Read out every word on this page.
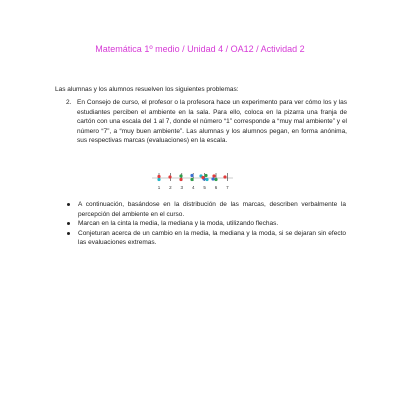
Matemática 1º medio / Unidad 4 / OA12 / Actividad 2
Las alumnas y los alumnos resuelven los siguientes problemas:
2. En Consejo de curso, el profesor o la profesora hace un experimento para ver cómo los y las estudiantes perciben el ambiente en la sala. Para ello, coloca en la pizarra una franja de cartón con una escala del 1 al 7, donde el número “1” corresponde a “muy mal ambiente” y el número “7”, a “muy buen ambiente”. Las alumnas y los alumnos pegan, en forma anónima, sus respectivas marcas (evaluaciones) en la escala.
1 2 3 4 5 6 7
A continuación, basándose en la distribución de las marcas, describen verbalmente la percepción del ambiente en el curso.
Marcan en la cinta la media, la mediana y la moda, utilizando flechas.
Conjeturan acerca de un cambio en la media, la mediana y la moda, si se dejaran sin efecto las evaluaciones extremas.
